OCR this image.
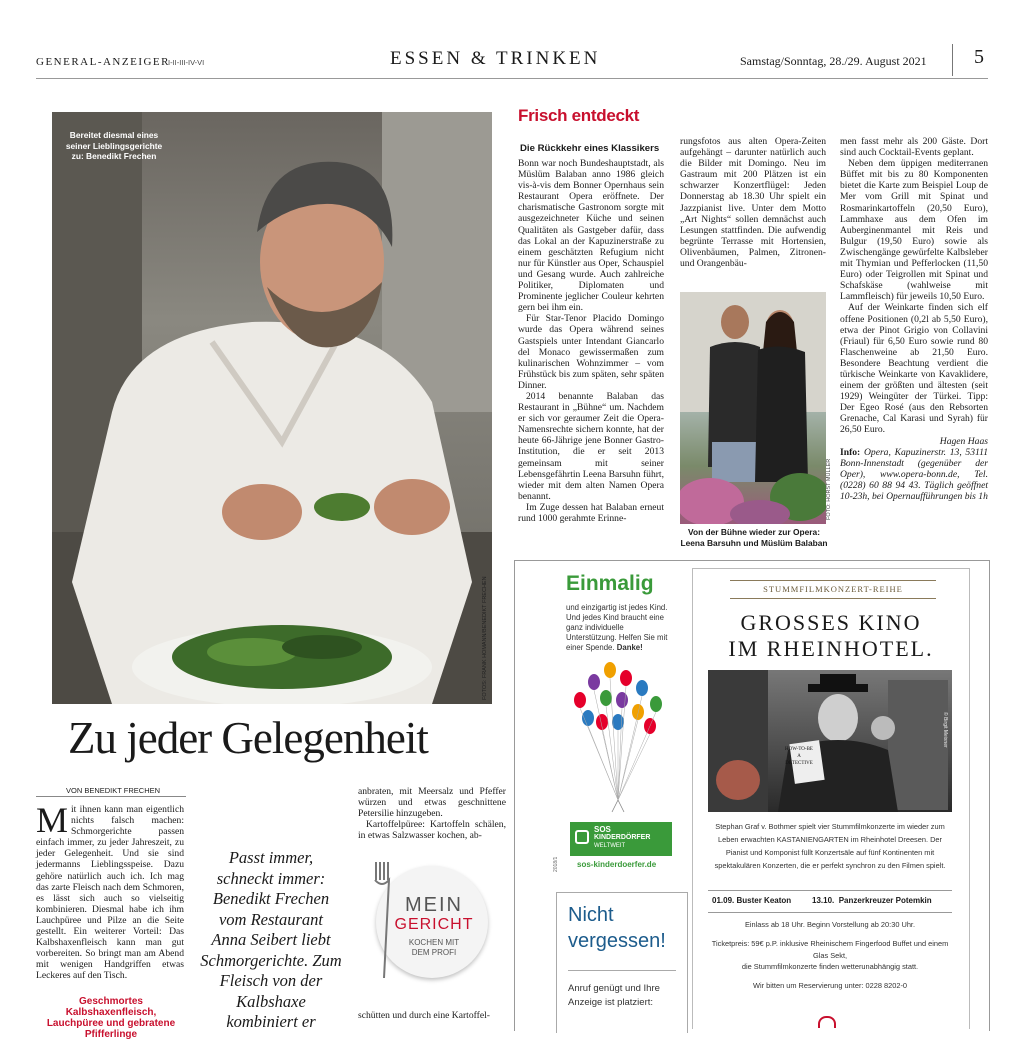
GENERAL-ANZEIGER
I-II-III-IV-VI	ESSEN & TRINKEN	Samstag/Sonntag, 28./29. August 2021 5
Bereitet diesmal eines seiner Lieblingsgerichte zu: Benedikt Frechen
FOTOS: FRANK HOMANN/BENEDIKT FRECHEN
Zu jeder Gelegenheit
VON BENEDIKT FRECHEN
M it ihnen kann man eigentlich nichts falsch machen: Schmorgerichte passen einfach immer, zu jeder Jahreszeit, zu jeder Gelegenheit. Und sie sind jedermanns Lieblingsspeise. Dazu gehöre natürlich auch ich. Ich mag das zarte Fleisch nach dem Schmoren, es lässt sich auch so vielseitig kombinieren. Diesmal habe ich ihm Lauchpüree und Pilze an die Seite gestellt. Ein weiterer Vorteil: Das Kalbshaxenfleisch kann man gut vorbereiten. So bringt man am Abend mit wenigen Handgriffen etwas Leckeres auf den Tisch.
Geschmortes Kalbshaxenfleisch, Lauchpüree und gebratene Pfifferlinge
Passt immer, schneckt immer: Benedikt Frechen vom Restaurant Anna Seibert liebt Schmorgerichte. Zum Fleisch von der Kalbshaxe kombiniert er

anbraten, mit Meersalz und Pfeffer würzen und etwas geschnittene Petersilie hinzugeben.

Kartoffelpüree: Kartoffeln schälen, in etwas Salzwasser kochen, ab-

MEIN
GERICHT
KOCHEN MIT
DEM PROFI
schütten und durch eine Kartoffel-
Frisch entdeckt
Die Rückkehr eines Klassikers

Bonn war noch Bundeshauptstadt, als Müslüm Balaban anno 1986 gleich vis-à-vis dem Bonner Opernhaus sein Restaurant Opera eröffnete. Der charismatische Gastronom sorgte mit ausgezeichneter Küche und seinen Qualitäten als Gastgeber dafür, dass das Lokal an der Kapuzinerstraße zu einem geschätzten Refugium nicht nur für Künstler aus Oper, Schauspiel und Gesang wurde. Auch zahlreiche Politiker, Diplomaten und Prominente jeglicher Couleur kehrten gern bei ihm ein.

Für Star-Tenor Placido Domingo wurde das Opera während seines Gastspiels unter Intendant Giancarlo del Monaco gewissermaßen zum kulinarischen Wohnzimmer – vom Frühstück bis zum späten, sehr späten Dinner.

2014 benannte Balaban das Restaurant in „Bühne“ um. Nachdem er sich vor geraumer Zeit die Opera-Namensrechte sichern konnte, hat der heute 66-Jährige jene Bonner Gastro-Institution, die er seit 2013 gemeinsam mit seiner Lebensgefährtin Leena Barsuhn führt, wieder mit dem alten Namen Opera benannt.

Im Zuge dessen hat Balaban erneut rund 1000 gerahmte Erinne-

rungsfotos aus alten Opera-Zeiten aufgehängt – darunter natürlich auch die Bilder mit Domingo. Neu im Gastraum mit 200 Plätzen ist ein schwarzer Konzertflügel: Jeden Donnerstag ab 18.30 Uhr spielt ein Jazzpianist live. Unter dem Motto „Art Nights“ sollen demnächst auch Lesungen stattfinden. Die aufwendig begrünte Terrasse mit Hortensien, Olivenbäumen, Palmen, Zitronen- und Orangenbäu-
FOTO: HORST MÜLLER
Von der Bühne wieder zur Opera: Leena Barsuhn und Müslüm Balaban

men fasst mehr als 200 Gäste. Dort sind auch Cocktail-Events geplant.

Neben dem üppigen mediterranen Büffet mit bis zu 80 Komponenten bietet die Karte zum Beispiel Loup de Mer vom Grill mit Spinat und Rosmarinkartoffeln (20,50 Euro), Lammhaxe aus dem Ofen im Auberginenmantel mit Reis und Bulgur (19,50 Euro) sowie als Zwischengänge gewürfelte Kalbsleber mit Thymian und Pefferlocken (11,50 Euro) oder Teigrollen mit Spinat und Schafskäse (wahlweise mit Lammfleisch) für jeweils 10,50 Euro.

Auf der Weinkarte finden sich elf offene Positionen (0,2l ab 5,50 Euro), etwa der Pinot Grigio von Collavini (Friaul) für 6,50 Euro sowie rund 80 Flaschenweine ab 21,50 Euro. Besondere Beachtung verdient die türkische Weinkarte von Kavaklidere, einem der größten und ältesten (seit 1929) Weingüter der Türkei. Tipp: Der Egeo Rosé (aus den Rebsorten Grenache, Cal Karasi und Syrah) für 26,50 Euro.

Hagen Haas

Info: Opera, Kapuzinerstr. 13, 53111 Bonn-Innenstadt (gegenüber der Oper), www.opera-bonn.de, Tel. (0228) 60 88 94 43. Täglich geöffnet 10-23h, bei Opernaufführungen bis 1h

Einmalig
und einzigartig ist jedes Kind. Und jedes Kind braucht eine ganz individuelle Unterstützung. Helfen Sie mit einer Spende. Danke!
SOS
KINDERDÖRFER
WELTWEIT
sos-kinderdoerfer.de
2018/1
Nicht
vergessen!
Anruf genügt und Ihre Anzeige ist platziert:
STUMMFILMKONZERT-REIHE
GROSSES KINO
IM RHEINHOTEL.
HOW-TO-BE A DETECTIVE
© Birgit Meixner
Stephan Graf v. Bothmer spielt vier Stummfilmkonzerte im wieder zum Leben erwachten KASTANIENGARTEN im Rheinhotel Dreesen. Der Pianist und Komponist füllt Konzertsäle auf fünf Kontinenten mit spektakulären Konzerten, die er perfekt synchron zu den Filmen spielt.
01.09. Buster Keaton	13.10. Panzerkreuzer Potemkin
Einlass ab 18 Uhr. Beginn Vorstellung ab 20:30 Uhr.
Ticketpreis: 59€ p.P. inklusive Rheinischem Fingerfood Buffet und einem Glas Sekt,
die Stummfilmkonzerte finden wetterunabhängig statt.
Wir bitten um Reservierung unter: 0228 8202-0
